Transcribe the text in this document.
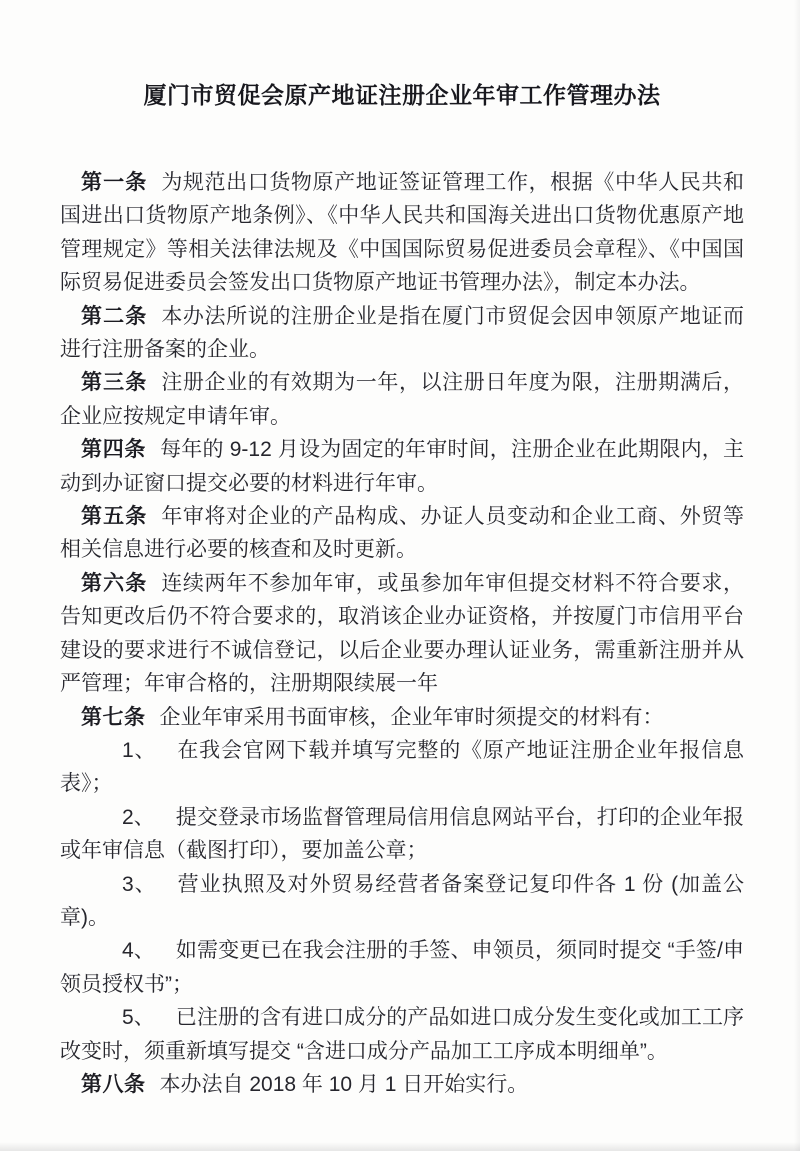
厦门市贸促会原产地证注册企业年审工作管理办法

第一条 为规范出口货物原产地证签证管理工作，根据《中华人民共和国进出口货物原产地条例》、《中华人民共和国海关进出口货物优惠原产地管理规定》等相关法律法规及《中国国际贸易促进委员会章程》、《中国国际贸易促进委员会签发出口货物原产地证书管理办法》，制定本办法。

第二条 本办法所说的注册企业是指在厦门市贸促会因申领原产地证而进行注册备案的企业。

第三条 注册企业的有效期为一年，以注册日年度为限，注册期满后，企业应按规定申请年审。

第四条 每年的 9-12 月设为固定的年审时间，注册企业在此期限内，主动到办证窗口提交必要的材料进行年审。

第五条 年审将对企业的产品构成、办证人员变动和企业工商、外贸等相关信息进行必要的核查和及时更新。

第六条 连续两年不参加年审，或虽参加年审但提交材料不符合要求，告知更改后仍不符合要求的，取消该企业办证资格，并按厦门市信用平台建设的要求进行不诚信登记，以后企业要办理认证业务，需重新注册并从严管理；年审合格的，注册期限续展一年

第七条 企业年审采用书面审核，企业年审时须提交的材料有：

1、 在我会官网下载并填写完整的《原产地证注册企业年报信息表》；

2、 提交登录市场监督管理局信用信息网站平台，打印的企业年报或年审信息（截图打印），要加盖公章；

3、 营业执照及对外贸易经营者备案登记复印件各 1 份 (加盖公章)。

4、 如需变更已在我会注册的手签、申领员，须同时提交 “手签/申领员授权书”；

5、 已注册的含有进口成分的产品如进口成分发生变化或加工工序改变时，须重新填写提交 “含进口成分产品加工工序成本明细单”。

第八条 本办法自 2018 年 10 月 1 日开始实行。
